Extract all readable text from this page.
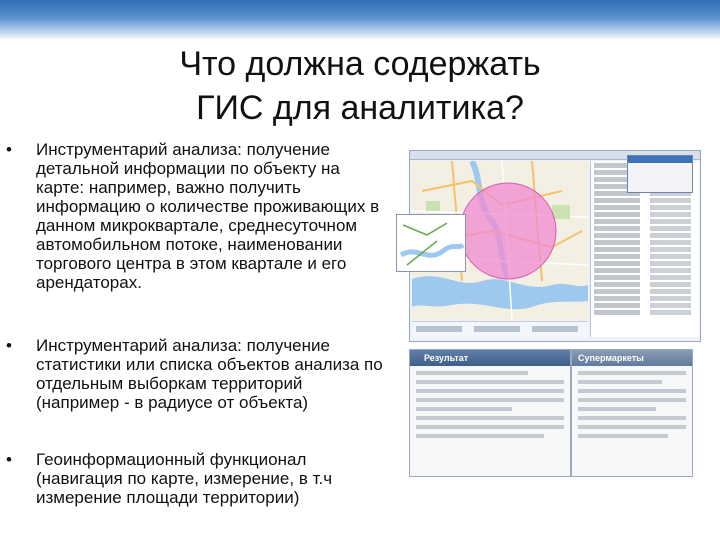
Что должна содержать
ГИС для аналитика?
• Инструментарий анализа: получение детальной информации по объекту на карте: например, важно получить информацию о количестве проживающих в данном микроквартале, среднесуточном автомобильном потоке, наименовании торгового центра в этом квартале и его арендаторах.
• Инструментарий анализа: получение статистики или списка объектов анализа по отдельным выборкам территорий (например - в радиусе от объекта)
• Геоинформационный функционал (навигация по карте, измерение, в т.ч измерение площади территории)
Результат	Супермаркеты
